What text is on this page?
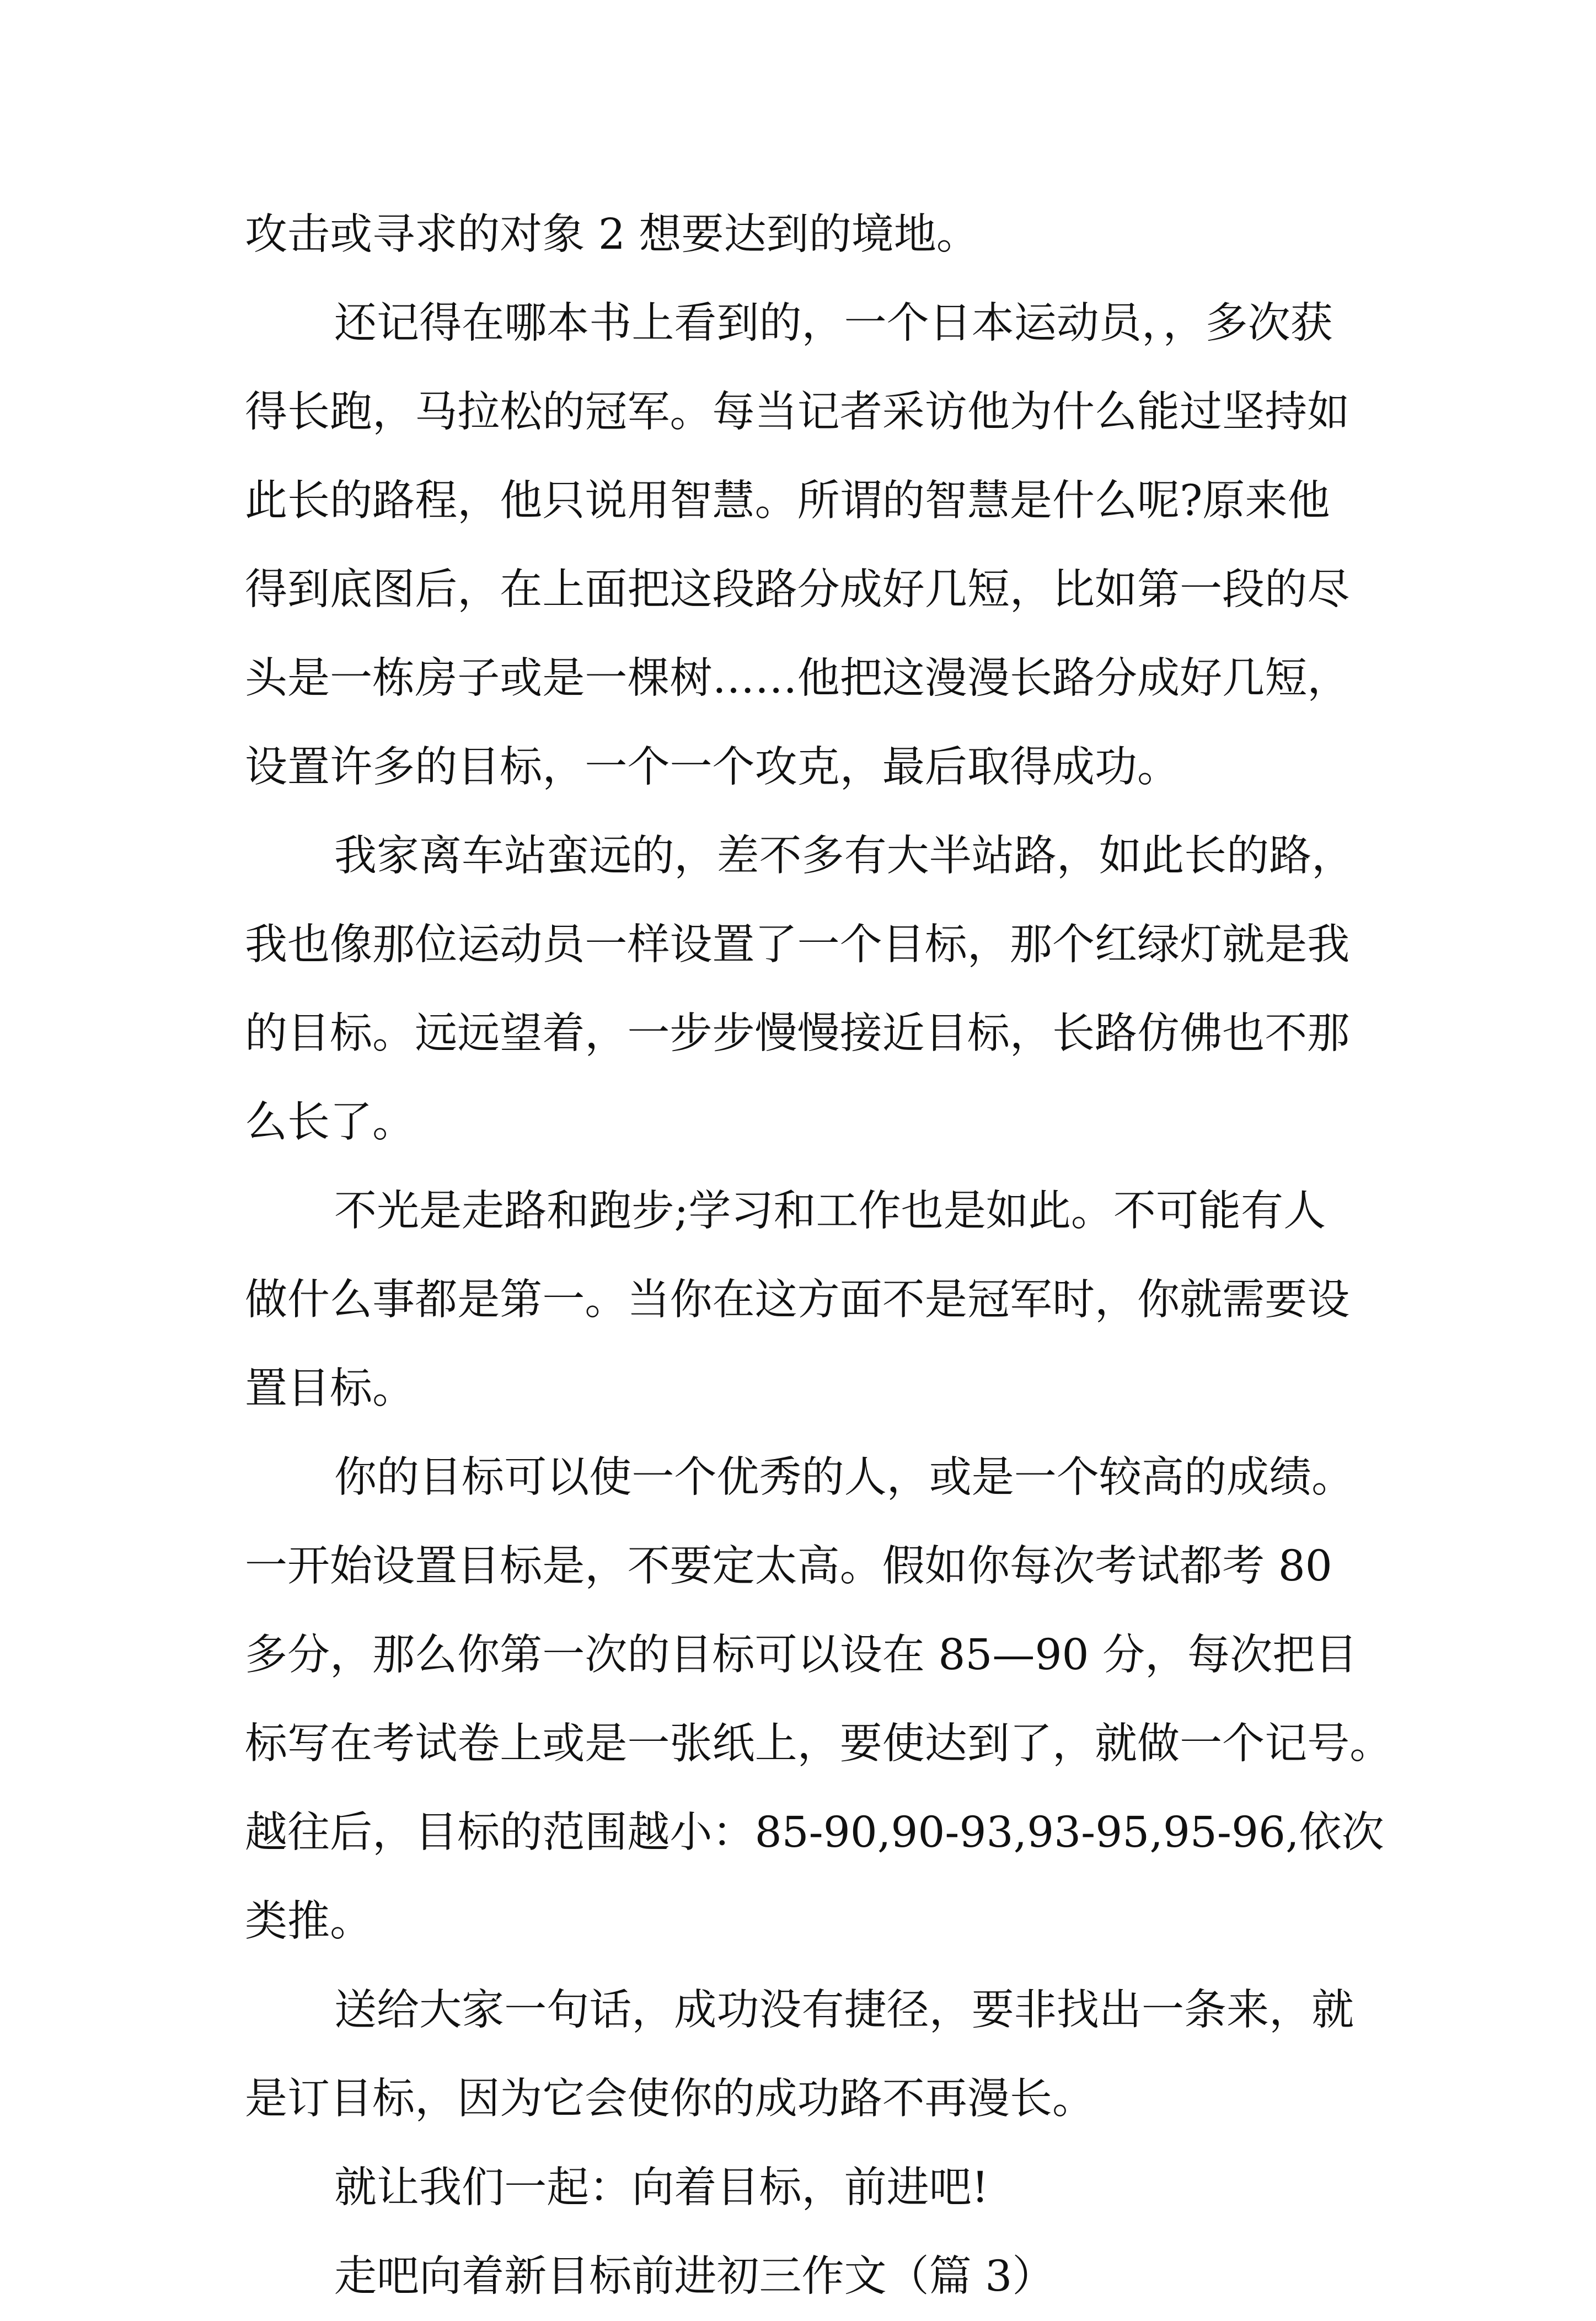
攻击或寻求的对象 2 想要达到的境地。
还记得在哪本书上看到的，一个日本运动员，，多次获
得长跑，马拉松的冠军。每当记者采访他为什么能过坚持如
此长的路程，他只说用智慧。所谓的智慧是什么呢?原来他
得到底图后，在上面把这段路分成好几短，比如第一段的尽
头是一栋房子或是一棵树……他把这漫漫长路分成好几短，
设置许多的目标，一个一个攻克，最后取得成功。
我家离车站蛮远的，差不多有大半站路，如此长的路，
我也像那位运动员一样设置了一个目标，那个红绿灯就是我
的目标。远远望着，一步步慢慢接近目标，长路仿佛也不那
么长了。
不光是走路和跑步;学习和工作也是如此。不可能有人
做什么事都是第一。当你在这方面不是冠军时，你就需要设
置目标。
你的目标可以使一个优秀的人，或是一个较高的成绩。
一开始设置目标是，不要定太高。假如你每次考试都考 80
多分，那么你第一次的目标可以设在 85—90 分，每次把目
标写在考试卷上或是一张纸上，要使达到了，就做一个记号。
越往后，目标的范围越小：85-90,90-93,93-95,95-96,依次
类推。
送给大家一句话，成功没有捷径，要非找出一条来，就
是订目标，因为它会使你的成功路不再漫长。
就让我们一起：向着目标，前进吧!
走吧向着新目标前进初三作文（篇 3）
